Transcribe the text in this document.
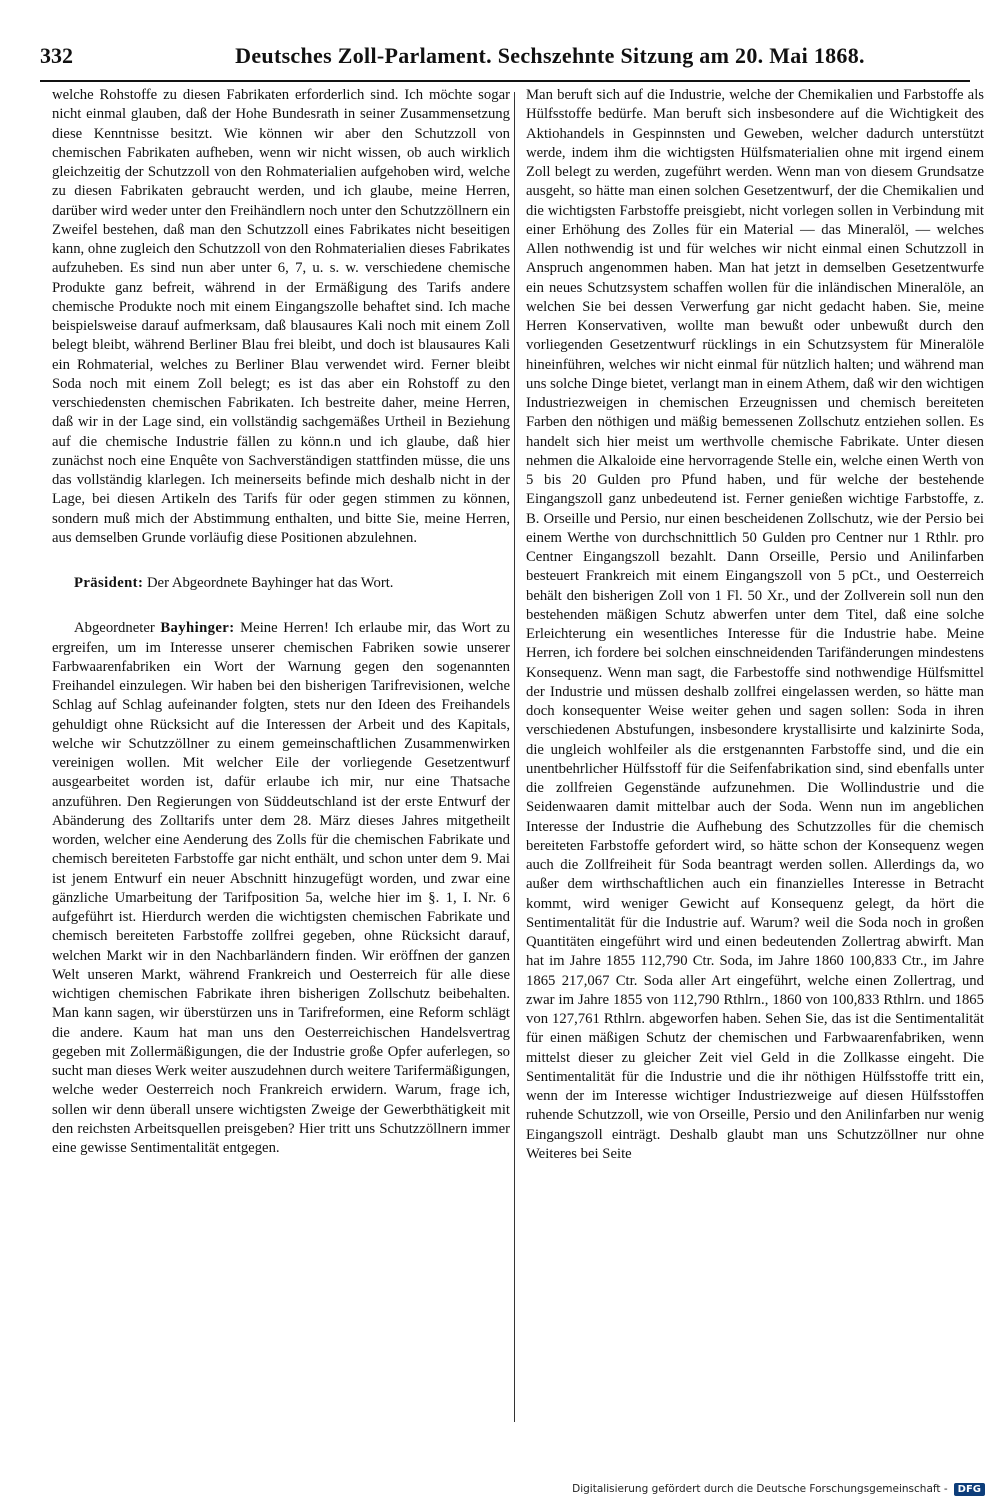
332	Deutsches Zoll-Parlament. Sechszehnte Sitzung am 20. Mai 1868.

welche Rohstoffe zu diesen Fabrikaten erforderlich sind. Ich möchte sogar nicht einmal glauben, daß der Hohe Bundesrath in seiner Zusammensetzung diese Kenntnisse besitzt. Wie können wir aber den Schutzzoll von chemischen Fabrikaten aufheben, wenn wir nicht wissen, ob auch wirklich gleichzeitig der Schutzzoll von den Rohmaterialien aufgehoben wird, welche zu diesen Fabrikaten gebraucht werden, und ich glaube, meine Herren, darüber wird weder unter den Freihändlern noch unter den Schutzzöllnern ein Zweifel bestehen, daß man den Schutzzoll eines Fabrikates nicht beseitigen kann, ohne zugleich den Schutzzoll von den Rohmaterialien dieses Fabrikates aufzuheben. Es sind nun aber unter 6, 7, u. s. w. verschiedene chemische Produkte ganz befreit, während in der Ermäßigung des Tarifs andere chemische Produkte noch mit einem Eingangszolle behaftet sind. Ich mache beispielsweise darauf aufmerksam, daß blausaures Kali noch mit einem Zoll belegt bleibt, während Berliner Blau frei bleibt, und doch ist blausaures Kali ein Rohmaterial, welches zu Berliner Blau verwendet wird. Ferner bleibt Soda noch mit einem Zoll belegt; es ist das aber ein Rohstoff zu den verschiedensten chemischen Fabrikaten. Ich bestreite daher, meine Herren, daß wir in der Lage sind, ein vollständig sachgemäßes Urtheil in Beziehung auf die chemische Industrie fällen zu könn.n und ich glaube, daß hier zunächst noch eine Enquête von Sachverständigen stattfinden müsse, die uns das vollständig klarlegen. Ich meinerseits befinde mich deshalb nicht in der Lage, bei diesen Artikeln des Tarifs für oder gegen stimmen zu können, sondern muß mich der Abstimmung enthalten, und bitte Sie, meine Herren, aus demselben Grunde vorläufig diese Positionen abzulehnen.

Präsident: Der Abgeordnete Bayhinger hat das Wort.

Abgeordneter Bayhinger: Meine Herren! Ich erlaube mir, das Wort zu ergreifen, um im Interesse unserer chemischen Fabriken sowie unserer Farbwaarenfabriken ein Wort der Warnung gegen den sogenannten Freihandel einzulegen. Wir haben bei den bisherigen Tarifrevisionen, welche Schlag auf Schlag aufeinander folgten, stets nur den Ideen des Freihandels gehuldigt ohne Rücksicht auf die Interessen der Arbeit und des Kapitals, welche wir Schutzzöllner zu einem gemeinschaftlichen Zusammenwirken vereinigen wollen. Mit welcher Eile der vorliegende Gesetzentwurf ausgearbeitet worden ist, dafür erlaube ich mir, nur eine Thatsache anzuführen. Den Regierungen von Süddeutschland ist der erste Entwurf der Abänderung des Zolltarifs unter dem 28. März dieses Jahres mitgetheilt worden, welcher eine Aenderung des Zolls für die chemischen Fabrikate und chemisch bereiteten Farbstoffe gar nicht enthält, und schon unter dem 9. Mai ist jenem Entwurf ein neuer Abschnitt hinzugefügt worden, und zwar eine gänzliche Umarbeitung der Tarifposition 5a, welche hier im §. 1, I. Nr. 6 aufgeführt ist. Hierdurch werden die wichtigsten chemischen Fabrikate und chemisch bereiteten Farbstoffe zollfrei gegeben, ohne Rücksicht darauf, welchen Markt wir in den Nachbarländern finden. Wir eröffnen der ganzen Welt unseren Markt, während Frankreich und Oesterreich für alle diese wichtigen chemischen Fabrikate ihren bisherigen Zollschutz beibehalten. Man kann sagen, wir überstürzen uns in Tarifreformen, eine Reform schlägt die andere. Kaum hat man uns den Oesterreichischen Handelsvertrag gegeben mit Zollermäßigungen, die der Industrie große Opfer auferlegen, so sucht man dieses Werk weiter auszudehnen durch weitere Tarifermäßigungen, welche weder Oesterreich noch Frankreich erwidern. Warum, frage ich, sollen wir denn überall unsere wichtigsten Zweige der Gewerbthätigkeit mit den reichsten Arbeitsquellen preisgeben? Hier tritt uns Schutzzöllnern immer eine gewisse Sentimentalität entgegen.

Man beruft sich auf die Industrie, welche der Chemikalien und Farbstoffe als Hülfsstoffe bedürfe. Man beruft sich insbesondere auf die Wichtigkeit des Aktiohandels in Gespinnsten und Geweben, welcher dadurch unterstützt werde, indem ihm die wichtigsten Hülfsmaterialien ohne mit irgend einem Zoll belegt zu werden, zugeführt werden. Wenn man von diesem Grundsatze ausgeht, so hätte man einen solchen Gesetzentwurf, der die Chemikalien und die wichtigsten Farbstoffe preisgiebt, nicht vorlegen sollen in Verbindung mit einer Erhöhung des Zolles für ein Material — das Mineralöl, — welches Allen nothwendig ist und für welches wir nicht einmal einen Schutzzoll in Anspruch angenommen haben. Man hat jetzt in demselben Gesetzentwurfe ein neues Schutzsystem schaffen wollen für die inländischen Mineralöle, an welchen Sie bei dessen Verwerfung gar nicht gedacht haben. Sie, meine Herren Konservativen, wollte man bewußt oder unbewußt durch den vorliegenden Gesetzentwurf rücklings in ein Schutzsystem für Mineralöle hineinführen, welches wir nicht einmal für nützlich halten; und während man uns solche Dinge bietet, verlangt man in einem Athem, daß wir den wichtigen Industriezweigen in chemischen Erzeugnissen und chemisch bereiteten Farben den nöthigen und mäßig bemessenen Zollschutz entziehen sollen. Es handelt sich hier meist um werthvolle chemische Fabrikate. Unter diesen nehmen die Alkaloide eine hervorragende Stelle ein, welche einen Werth von 5 bis 20 Gulden pro Pfund haben, und für welche der bestehende Eingangszoll ganz unbedeutend ist. Ferner genießen wichtige Farbstoffe, z. B. Orseille und Persio, nur einen bescheidenen Zollschutz, wie der Persio bei einem Werthe von durchschnittlich 50 Gulden pro Centner nur 1 Rthlr. pro Centner Eingangszoll bezahlt. Dann Orseille, Persio und Anilinfarben besteuert Frankreich mit einem Eingangszoll von 5 pCt., und Oesterreich behält den bisherigen Zoll von 1 Fl. 50 Xr., und der Zollverein soll nun den bestehenden mäßigen Schutz abwerfen unter dem Titel, daß eine solche Erleichterung ein wesentliches Interesse für die Industrie habe. Meine Herren, ich fordere bei solchen einschneidenden Tarifänderungen mindestens Konsequenz. Wenn man sagt, die Farbestoffe sind nothwendige Hülfsmittel der Industrie und müssen deshalb zollfrei eingelassen werden, so hätte man doch konsequenter Weise weiter gehen und sagen sollen: Soda in ihren verschiedenen Abstufungen, insbesondere krystallisirte und kalzinirte Soda, die ungleich wohlfeiler als die erstgenannten Farbstoffe sind, und die ein unentbehrlicher Hülfsstoff für die Seifenfabrikation sind, sind ebenfalls unter die zollfreien Gegenstände aufzunehmen. Die Wollindustrie und die Seidenwaaren damit mittelbar auch der Soda. Wenn nun im angeblichen Interesse der Industrie die Aufhebung des Schutzzolles für die chemisch bereiteten Farbstoffe gefordert wird, so hätte schon der Konsequenz wegen auch die Zollfreiheit für Soda beantragt werden sollen. Allerdings da, wo außer dem wirthschaftlichen auch ein finanzielles Interesse in Betracht kommt, wird weniger Gewicht auf Konsequenz gelegt, da hört die Sentimentalität für die Industrie auf. Warum? weil die Soda noch in großen Quantitäten eingeführt wird und einen bedeutenden Zollertrag abwirft. Man hat im Jahre 1855 112,790 Ctr. Soda, im Jahre 1860 100,833 Ctr., im Jahre 1865 217,067 Ctr. Soda aller Art eingeführt, welche einen Zollertrag, und zwar im Jahre 1855 von 112,790 Rthlrn., 1860 von 100,833 Rthlrn. und 1865 von 127,761 Rthlrn. abgeworfen haben. Sehen Sie, das ist die Sentimentalität für einen mäßigen Schutz der chemischen und Farbwaarenfabriken, wenn mittelst dieser zu gleicher Zeit viel Geld in die Zollkasse eingeht. Die Sentimentalität für die Industrie und die ihr nöthigen Hülfsstoffe tritt ein, wenn der im Interesse wichtiger Industriezweige auf diesen Hülfsstoffen ruhende Schutzzoll, wie von Orseille, Persio und den Anilinfarben nur wenig Eingangszoll einträgt. Deshalb glaubt man uns Schutzzöllner nur ohne Weiteres bei Seite

Digitalisierung gefördert durch die Deutsche Forschungsgemeinschaft -	DFG
